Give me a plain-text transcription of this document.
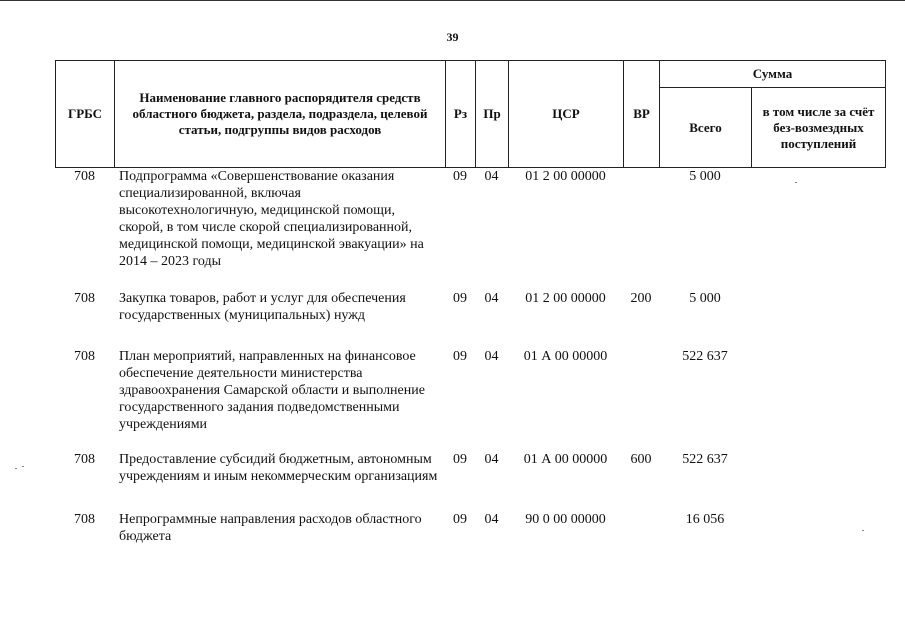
39
ГРБС	Наименование главного распорядителя средств областного бюджета, раздела, подраздела, целевой статьи, подгруппы видов расходов	Рз	Пр	ЦСР	ВР	Сумма	
						Всего	в том числе за счёт без-возмездных поступлений
708	Подпрограмма «Совершенствование оказания специализированной, включая высокотехнологичную, медицинской помощи, скорой, в том числе скорой специализированной, медицинской помощи, медицинской эвакуации» на 2014 – 2023 годы	09	04	01 2 00 00000		5 000	
708	Закупка товаров, работ и услуг для обеспечения государственных (муниципальных) нужд	09	04	01 2 00 00000	200	5 000	
708	План мероприятий, направленных на финансовое обеспечение деятельности министерства здравоохранения Самарской области и выполнение государственного задания подведомственными учреждениями	09	04	01 А 00 00000		522 637	
708	Предоставление субсидий бюджетным, автономным учреждениям и иным некоммерческим организациям	09	04	01 А 00 00000	600	522 637	
708	Непрограммные направления расходов областного бюджета	09	04	90 0 00 00000		16 056	
